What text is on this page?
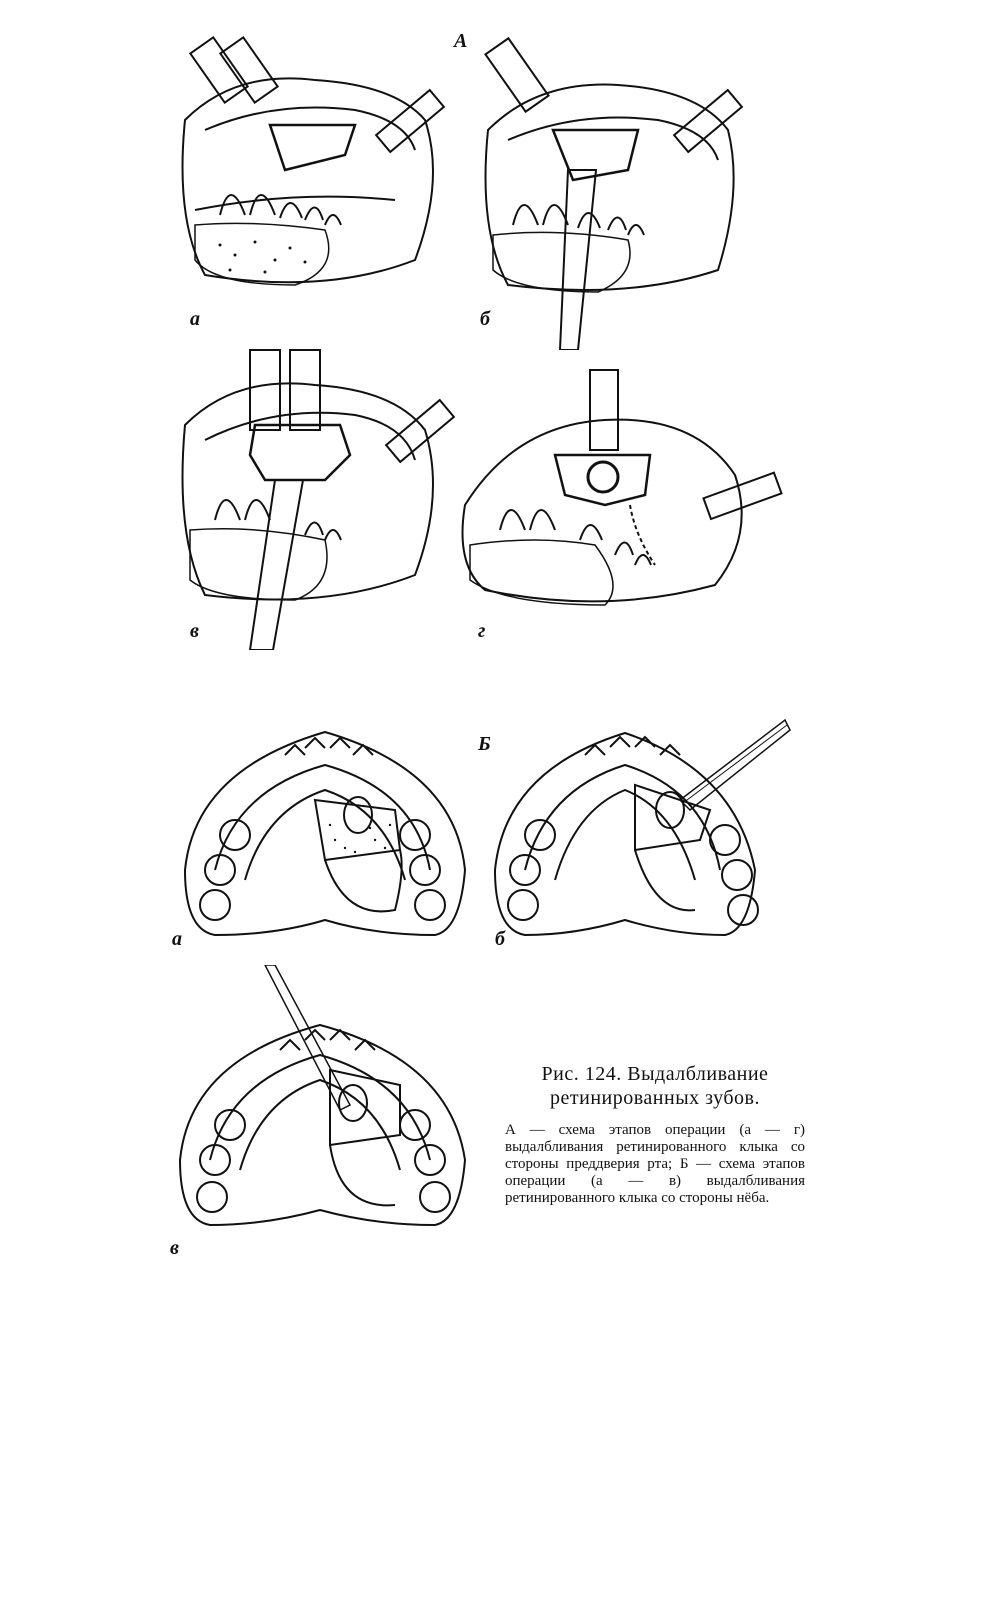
А
Б
а	б
в	г
а	б
в

Рис. 124. Выдалбливание

ретинированных зубов.

А — схема этапов операции (а — г) выдалбливания ретинированного клыка со стороны преддверия рта; Б — схема этапов операции (а — в) выдалбливания ретинированного клыка со стороны нёба.
